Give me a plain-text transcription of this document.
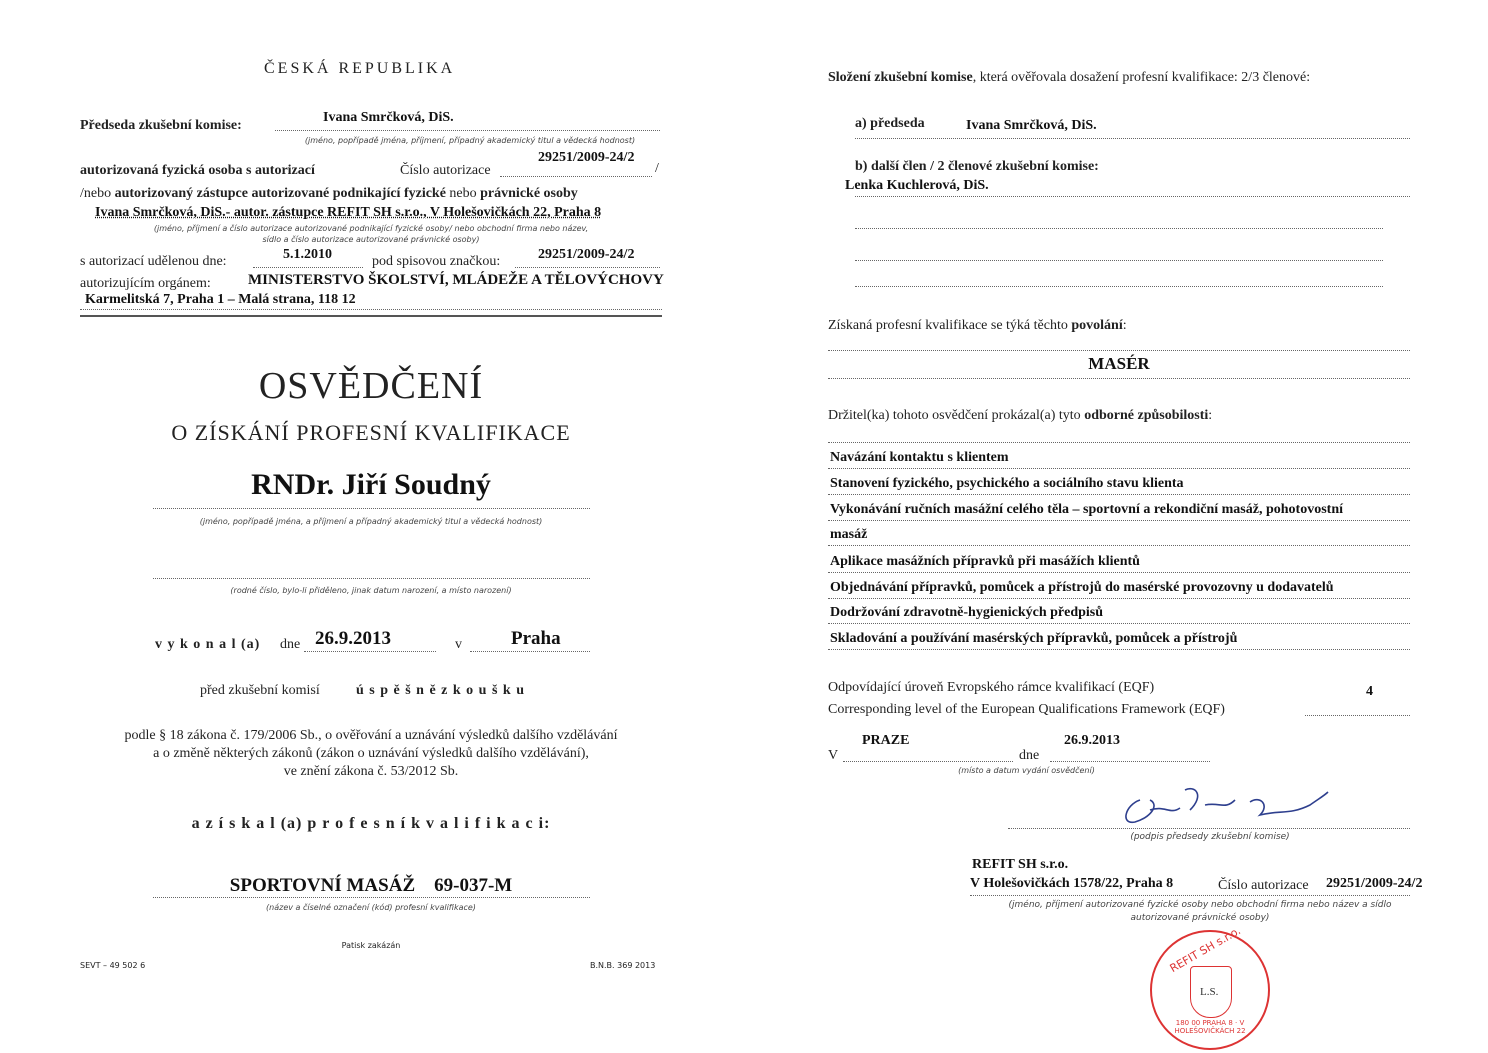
ČESKÁ REPUBLIKA
Předseda zkušební komise:
Ivana Smrčková, DiS.
(jméno, popřípadě jména, příjmení, případný akademický titul a vědecká hodnost)
autorizovaná fyzická osoba s autorizací	Číslo autorizace
29251/2009-24/2
/
/nebo autorizovaný zástupce autorizované podnikající fyzické nebo právnické osoby
Ivana Smrčková, DiS.- autor. zástupce REFIT SH s.r.o., V Holešovičkách 22, Praha 8
(jméno, příjmení a číslo autorizace autorizované podnikající fyzické osoby/ nebo obchodní firma nebo název,
sídlo a číslo autorizace autorizované právnické osoby)
s autorizací udělenou dne:	5.1.2010	pod spisovou značkou:	29251/2009-24/2
autorizujícím orgánem: MINISTERSTVO ŠKOLSTVÍ, MLÁDEŽE A TĚLOVÝCHOVY
Karmelitská 7, Praha 1 – Malá strana, 118 12
OSVĚDČENÍ
O ZÍSKÁNÍ PROFESNÍ KVALIFIKACE
RNDr. Jiří Soudný
(jméno, popřípadě jména, a příjmení a případný akademický titul a vědecká hodnost)
(rodné číslo, bylo-li přiděleno, jinak datum narození, a místo narození)
v y k o n a l (a) dne 26.9.2013	v	Praha
před zkušební komisí	ú s p ě š n ě z k o u š k u
podle § 18 zákona č. 179/2006 Sb., o ověřování a uznávání výsledků dalšího vzdělávání
a o změně některých zákonů (zákon o uznávání výsledků dalšího vzdělávání),
ve znění zákona č. 53/2012 Sb.
a z í s k a l (a) p r o f e s n í k v a l i f i k a c i:
SPORTOVNÍ MASÁŽ    69-037-M
(název a číselné označení (kód) profesní kvalifikace)
Patisk zakázán
SEVT – 49 502 6	B.N.B. 369 2013
Složení zkušební komise, která ověřovala dosažení profesní kvalifikace: 2/3 členové:
a) předseda	Ivana Smrčková, DiS.
b) další člen / 2 členové zkušební komise:
Lenka Kuchlerová, DiS.
Získaná profesní kvalifikace se týká těchto povolání:
MASÉR
Držitel(ka) tohoto osvědčení prokázal(a) tyto odborné způsobilosti:
Navázání kontaktu s klientem
Stanovení fyzického, psychického a sociálního stavu klienta
Vykonávání ručních masážní celého těla – sportovní a rekondiční masáž, pohotovostní
masáž
Aplikace masážních přípravků při masážích klientů
Objednávání přípravků, pomůcek a přístrojů do masérské provozovny u dodavatelů
Dodržování zdravotně-hygienických předpisů
Skladování a používání masérských přípravků, pomůcek a přístrojů
Odpovídající úroveň Evropského rámce kvalifikací (EQF)	4
Corresponding level of the European Qualifications Framework (EQF)
V
PRAZE
dne
26.9.2013
(místo a datum vydání osvědčení)
(podpis předsedy zkušební komise)
REFIT SH s.r.o.
V Holešovičkách 1578/22, Praha 8	Číslo autorizace 29251/2009-24/2
(jméno, příjmení autorizované fyzické osoby nebo obchodní firma nebo název a sídlo
autorizované právnické osoby)
REFIT SH s.r.o.
L.S.
180 00 PRAHA 8 · V HOLEŠOVIČKÁCH 22
